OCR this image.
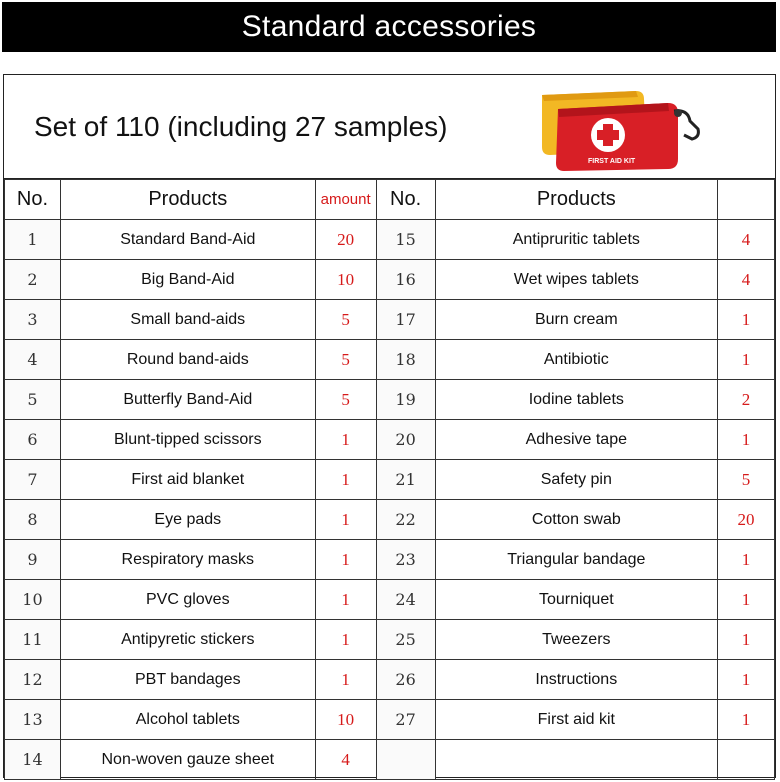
Standard accessories
Set of 110 (including 27 samples)
FIRST AID KIT
No.	Products	amount	No.	Products	
1	Standard Band-Aid	20	15	Antipruritic tablets	4
2	Big Band-Aid	10	16	Wet wipes tablets	4
3	Small band-aids	5	17	Burn cream	1
4	Round band-aids	5	18	Antibiotic	1
5	Butterfly Band-Aid	5	19	Iodine tablets	2
6	Blunt-tipped scissors	1	20	Adhesive tape	1
7	First aid blanket	1	21	Safety pin	5
8	Eye pads	1	22	Cotton swab	20
9	Respiratory masks	1	23	Triangular bandage	1
10	PVC gloves	1	24	Tourniquet	1
11	Antipyretic stickers	1	25	Tweezers	1
12	PBT bandages	1	26	Instructions	1
13	Alcohol tablets	10	27	First aid kit	1
14	Non-woven gauze sheet	4			
